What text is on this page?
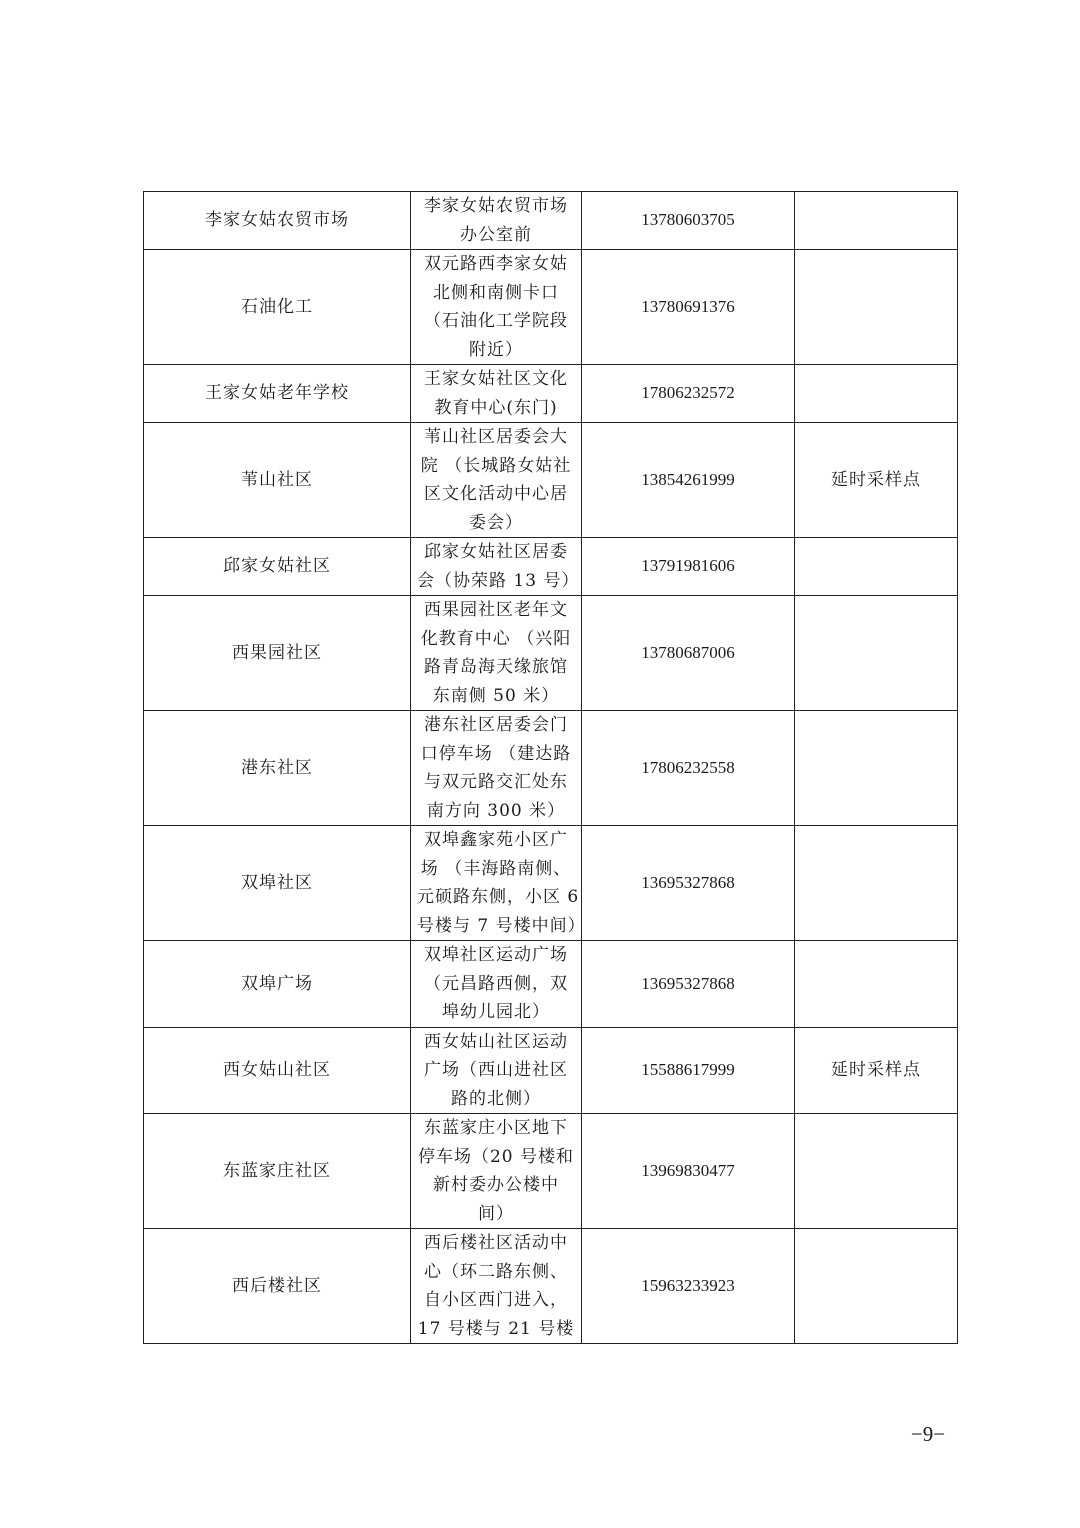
李家女姑农贸市场	李家女姑农贸市场
办公室前	13780603705	
石油化工	双元路西李家女姑
北侧和南侧卡口
（石油化工学院段
附近）	13780691376	
王家女姑老年学校	王家女姑社区文化
教育中心(东门)	17806232572	
苇山社区	苇山社区居委会大
院 （长城路女姑社
区文化活动中心居
委会）	13854261999	延时采样点
邱家女姑社区	邱家女姑社区居委
会（协荣路 13 号）	13791981606	
西果园社区	西果园社区老年文
化教育中心 （兴阳
路青岛海天缘旅馆
东南侧 50 米）	13780687006	
港东社区	港东社区居委会门
口停车场 （建达路
与双元路交汇处东
南方向 300 米）	17806232558	
双埠社区	双埠鑫家苑小区广
场 （丰海路南侧、
元硕路东侧，小区 6
号楼与 7 号楼中间）	13695327868	
双埠广场	双埠社区运动广场
（元昌路西侧，双
埠幼儿园北）	13695327868	
西女姑山社区	西女姑山社区运动
广场（西山进社区
路的北侧）	15588617999	延时采样点
东蓝家庄社区	东蓝家庄小区地下
停车场（20 号楼和
新村委办公楼中
间）	13969830477	
西后楼社区	西后楼社区活动中
心（环二路东侧、
自小区西门进入，
17 号楼与 21 号楼	15963233923	
−9−
